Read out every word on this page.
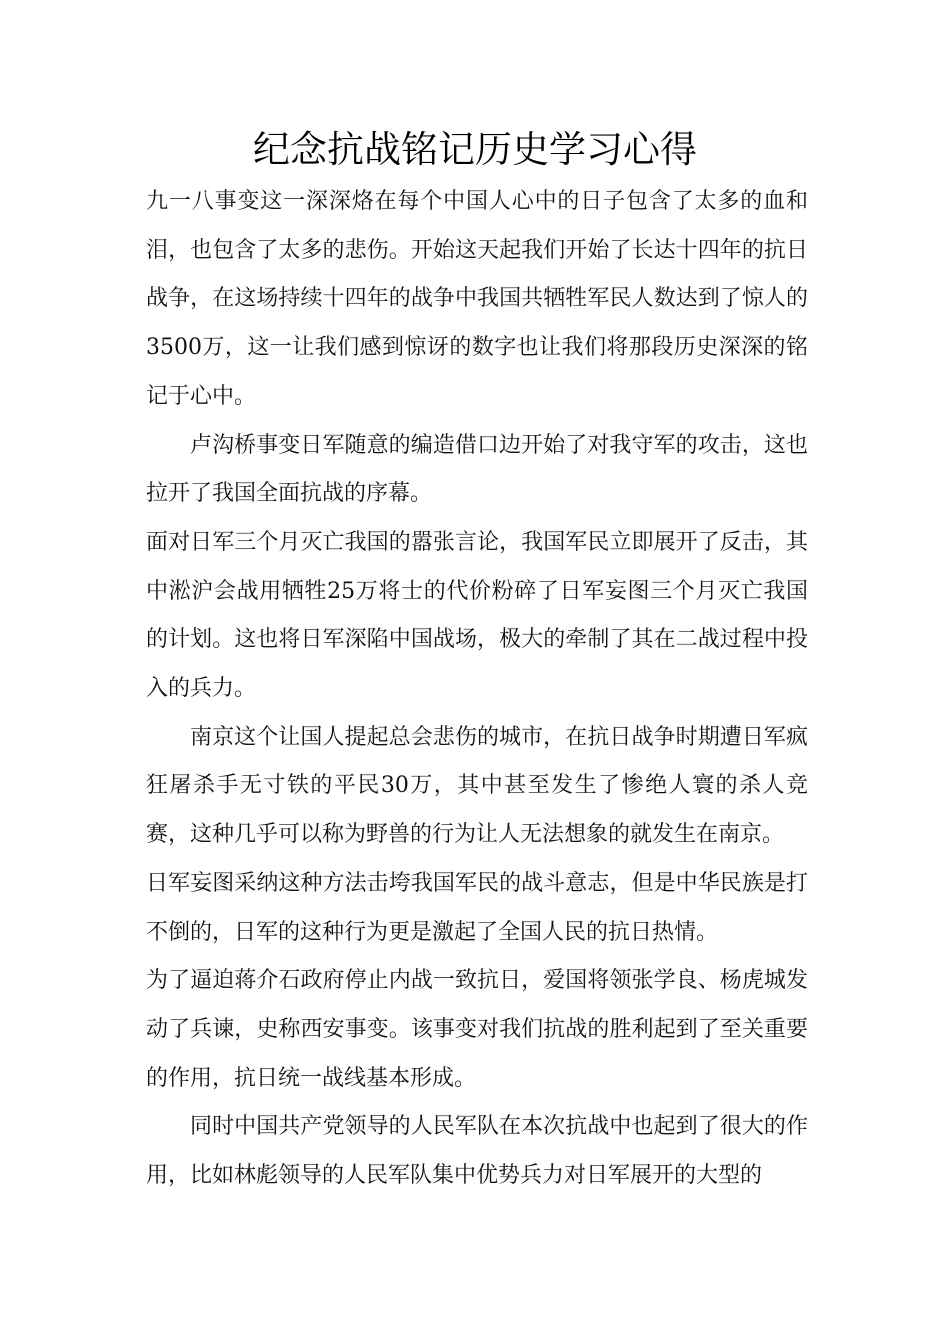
纪念抗战铭记历史学习心得

九一八事变这一深深烙在每个中国人心中的日子包含了太多的血和泪，也包含了太多的悲伤。开始这天起我们开始了长达十四年的抗日战争，在这场持续十四年的战争中我国共牺牲军民人数达到了惊人的3500万，这一让我们感到惊讶的数字也让我们将那段历史深深的铭记于心中。

卢沟桥事变日军随意的编造借口边开始了对我守军的攻击，这也拉开了我国全面抗战的序幕。

面对日军三个月灭亡我国的嚣张言论，我国军民立即展开了反击，其中淞沪会战用牺牲25万将士的代价粉碎了日军妄图三个月灭亡我国的计划。这也将日军深陷中国战场，极大的牵制了其在二战过程中投入的兵力。

南京这个让国人提起总会悲伤的城市，在抗日战争时期遭日军疯狂屠杀手无寸铁的平民30万，其中甚至发生了惨绝人寰的杀人竞赛，这种几乎可以称为野兽的行为让人无法想象的就发生在南京。

日军妄图采纳这种方法击垮我国军民的战斗意志，但是中华民族是打不倒的，日军的这种行为更是激起了全国人民的抗日热情。

为了逼迫蒋介石政府停止内战一致抗日，爱国将领张学良、杨虎城发动了兵谏，史称西安事变。该事变对我们抗战的胜利起到了至关重要的作用，抗日统一战线基本形成。

同时中国共产党领导的人民军队在本次抗战中也起到了很大的作用，比如林彪领导的人民军队集中优势兵力对日军展开的大型的
